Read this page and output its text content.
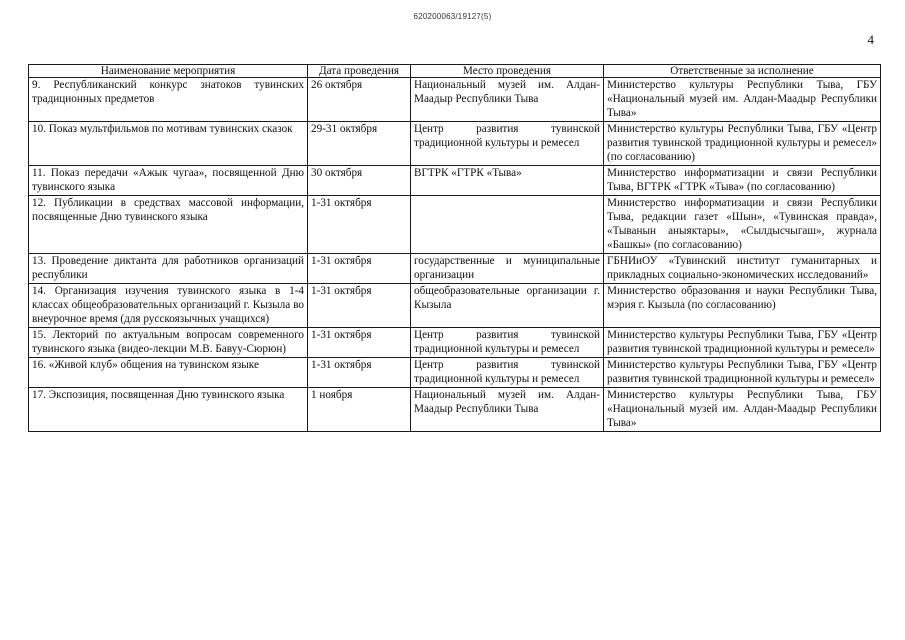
620200063/19127(5)
4
Наименование мероприятия	Дата проведения	Место проведения	Ответственные за исполнение
9. Республиканский конкурс знатоков тувинских традиционных предметов	26 октября	Национальный музей им. Алдан-Маадыр Республики Тыва	Министерство культуры Республики Тыва, ГБУ «Национальный музей им. Алдан-Маадыр Республики Тыва»
10. Показ мультфильмов по мотивам тувинских сказок	29-31 октября	Центр развития тувинской традиционной культуры и ремесел	Министерство культуры Республики Тыва, ГБУ «Центр развития тувинской традиционной культуры и ремесел» (по согласованию)
11. Показ передачи «Ажык чугаа», посвященной Дню тувинского языка	30 октября	ВГТРК «ГТРК «Тыва»	Министерство информатизации и связи Республики Тыва, ВГТРК «ГТРК «Тыва» (по согласованию)
12. Публикации в средствах массовой информации, посвященные Дню тувинского языка	1-31 октября		Министерство информатизации и связи Республики Тыва, редакции газет «Шын», «Тувинская правда», «Тыванын аныяктары», «Сылдысчыгаш», журнала «Башкы» (по согласованию)
13. Проведение диктанта для работников организаций республики	1-31 октября	государственные и муниципальные организации	ГБНИиОУ «Тувинский институт гуманитарных и прикладных социально-экономических исследований»
14. Организация изучения тувинского языка в 1-4 классах общеобразовательных организаций г. Кызыла во внеурочное время (для русскоязычных учащихся)	1-31 октября	общеобразовательные организации г. Кызыла	Министерство образования и науки Республики Тыва, мэрия г. Кызыла (по согласованию)
15. Лекторий по актуальным вопросам современного тувинского языка (видео-лекции М.В. Бавуу-Сюрюн)	1-31 октября	Центр развития тувинской традиционной культуры и ремесел	Министерство культуры Республики Тыва, ГБУ «Центр развития тувинской традиционной культуры и ремесел»
16. «Живой клуб» общения на тувинском языке	1-31 октября	Центр развития тувинской традиционной культуры и ремесел	Министерство культуры Республики Тыва, ГБУ «Центр развития тувинской традиционной культуры и ремесел»
17. Экспозиция, посвященная Дню тувинского языка	1 ноября	Национальный музей им. Алдан-Маадыр Республики Тыва	Министерство культуры Республики Тыва, ГБУ «Национальный музей им. Алдан-Маадыр Республики Тыва»
